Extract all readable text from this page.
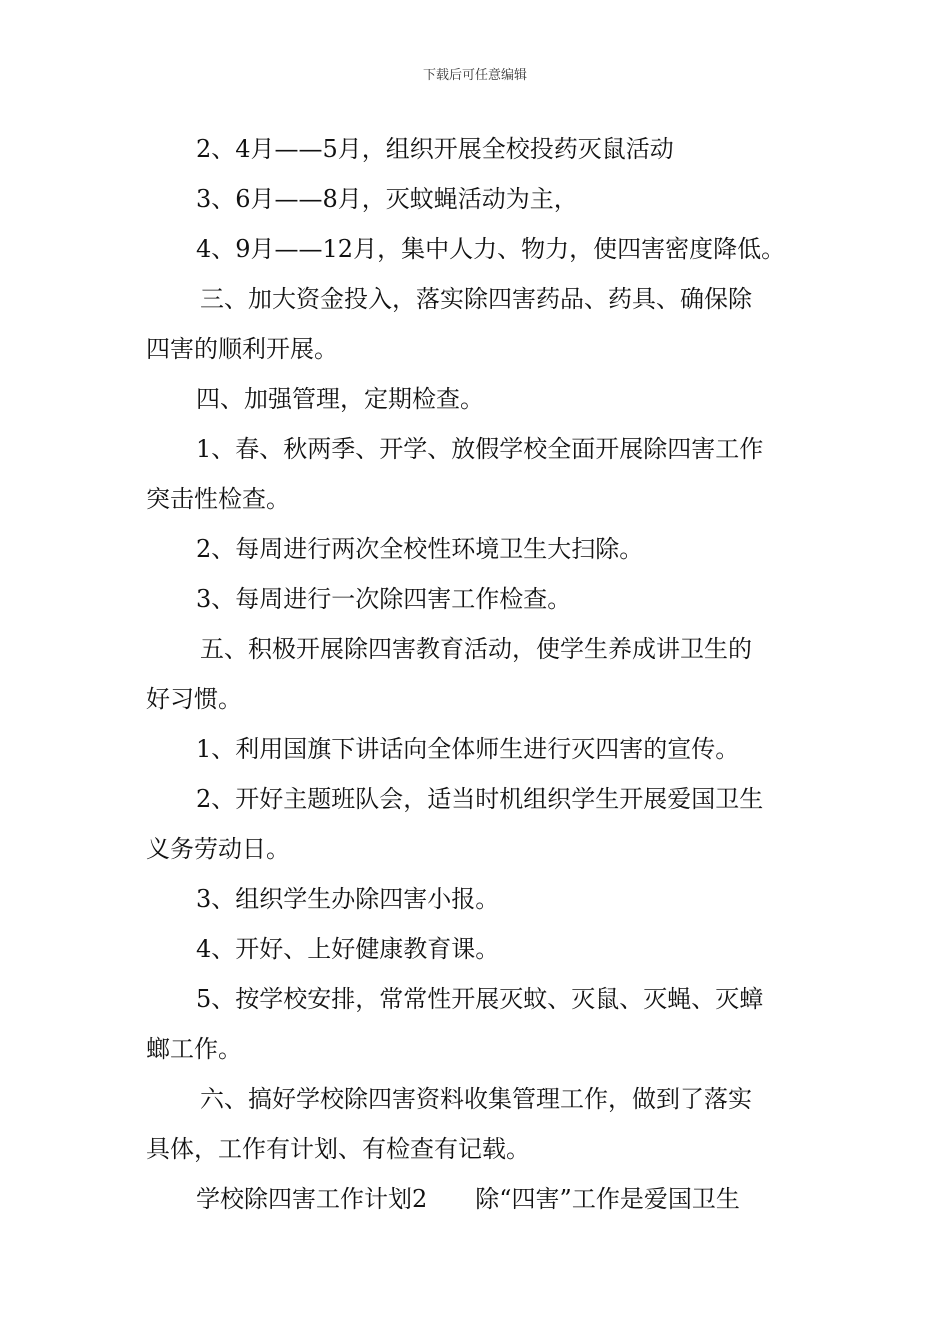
下载后可任意编辑
2、4月——5月，组织开展全校投药灭鼠活动
3、6月——8月，灭蚊蝇活动为主，
4、9月——12月，集中人力、物力，使四害密度降低。
三、加大资金投入，落实除四害药品、药具、确保除
四害的顺利开展。
四、加强管理，定期检查。
1、春、秋两季、开学、放假学校全面开展除四害工作
突击性检查。
2、每周进行两次全校性环境卫生大扫除。
3、每周进行一次除四害工作检查。
五、积极开展除四害教育活动，使学生养成讲卫生的
好习惯。
1、利用国旗下讲话向全体师生进行灭四害的宣传。
2、开好主题班队会，适当时机组织学生开展爱国卫生
义务劳动日。
3、组织学生办除四害小报。
4、开好、上好健康教育课。
5、按学校安排，常常性开展灭蚊、灭鼠、灭蝇、灭蟑
螂工作。
六、搞好学校除四害资料收集管理工作，做到了落实
具体，工作有计划、有检查有记载。
学校除四害工作计划2 除“四害”工作是爱国卫生
